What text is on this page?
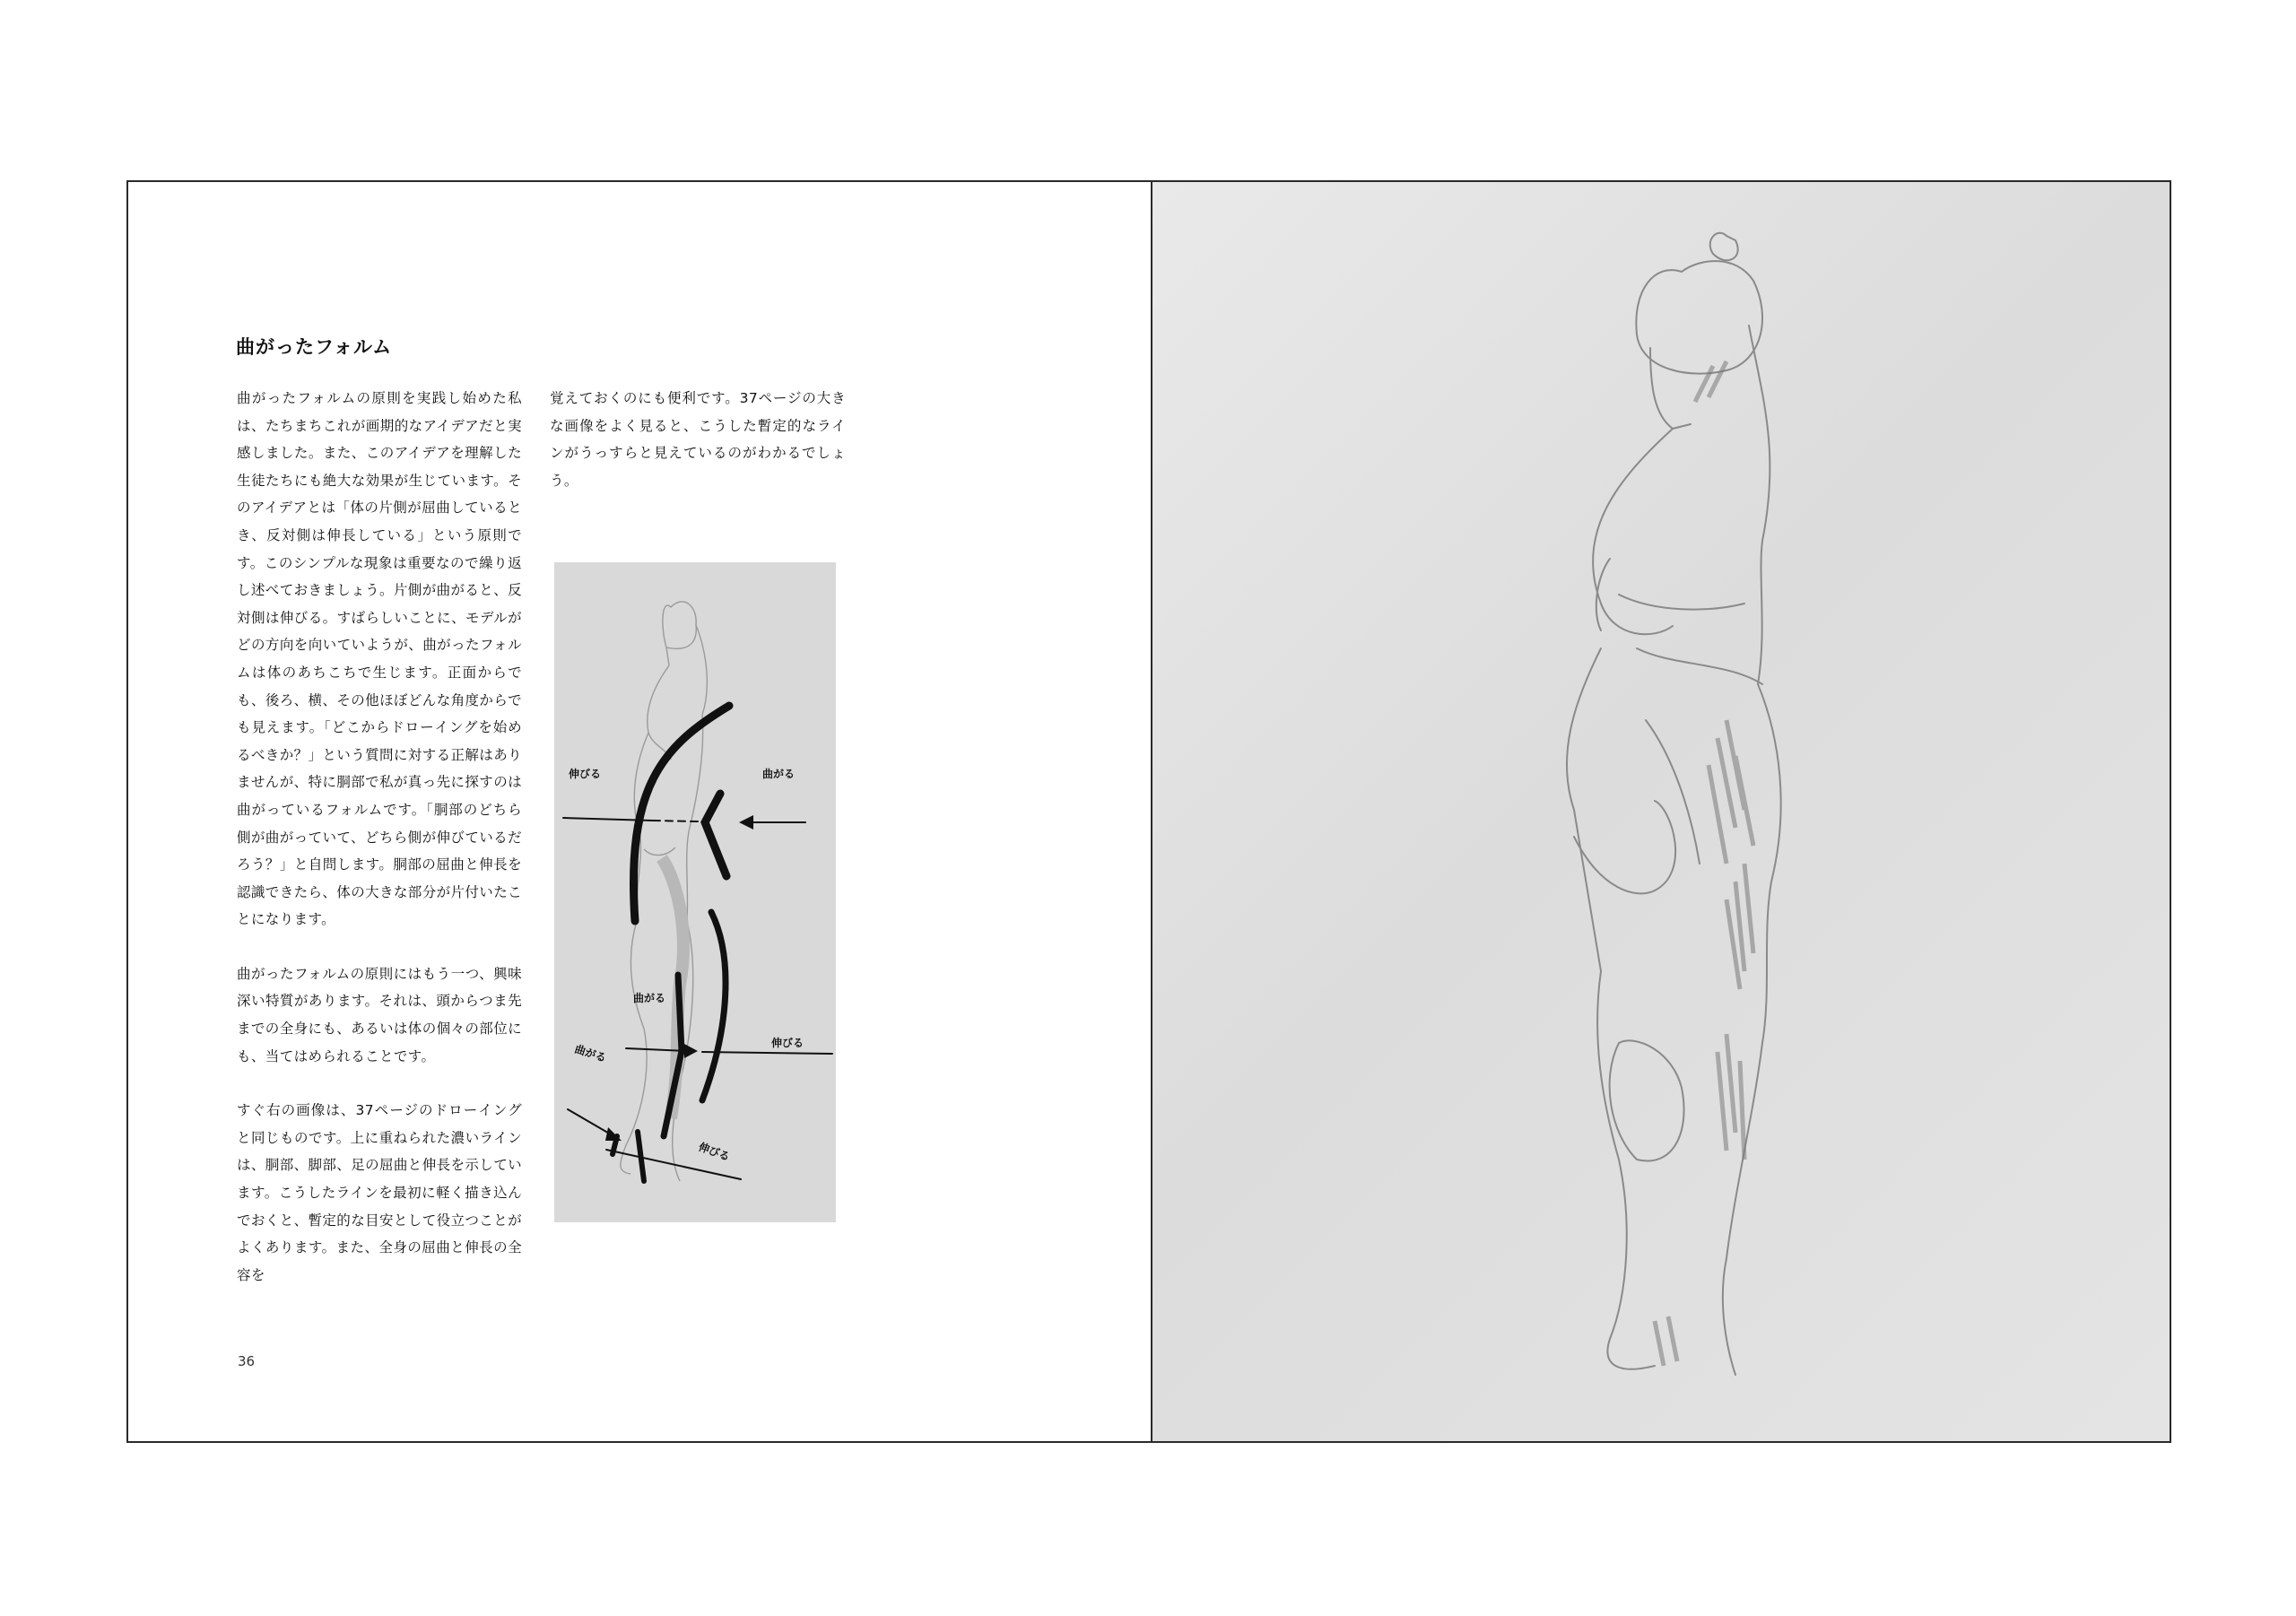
曲がったフォルム

曲がったフォルムの原則を実践し始めた私は、たちまちこれが画期的なアイデアだと実感しました。また、このアイデアを理解した生徒たちにも絶大な効果が生じています。そのアイデアとは「体の片側が屈曲しているとき、反対側は伸長している」という原則です。このシンプルな現象は重要なので繰り返し述べておきましょう。片側が曲がると、反対側は伸びる。すばらしいことに、モデルがどの方向を向いていようが、曲がったフォルムは体のあちこちで生じます。正面からでも、後ろ、横、その他ほぼどんな角度からでも見えます。「どこからドローイングを始めるべきか？」という質問に対する正解はありませんが、特に胴部で私が真っ先に探すのは曲がっているフォルムです。「胴部のどちら側が曲がっていて、どちら側が伸びているだろう？」と自問します。胴部の屈曲と伸長を認識できたら、体の大きな部分が片付いたことになります。

曲がったフォルムの原則にはもう一つ、興味深い特質があります。それは、頭からつま先までの全身にも、あるいは体の個々の部位にも、当てはめられることです。

すぐ右の画像は、37ページのドローイングと同じものです。上に重ねられた濃いラインは、胴部、脚部、足の屈曲と伸長を示しています。こうしたラインを最初に軽く描き込んでおくと、暫定的な目安として役立つことがよくあります。また、全身の屈曲と伸長の全容を

覚えておくのにも便利です。37ページの大きな画像をよく見ると、こうした暫定的なラインがうっすらと見えているのがわかるでしょう。

伸びる	曲がる
曲がる
曲がる	伸びる
伸びる
36
